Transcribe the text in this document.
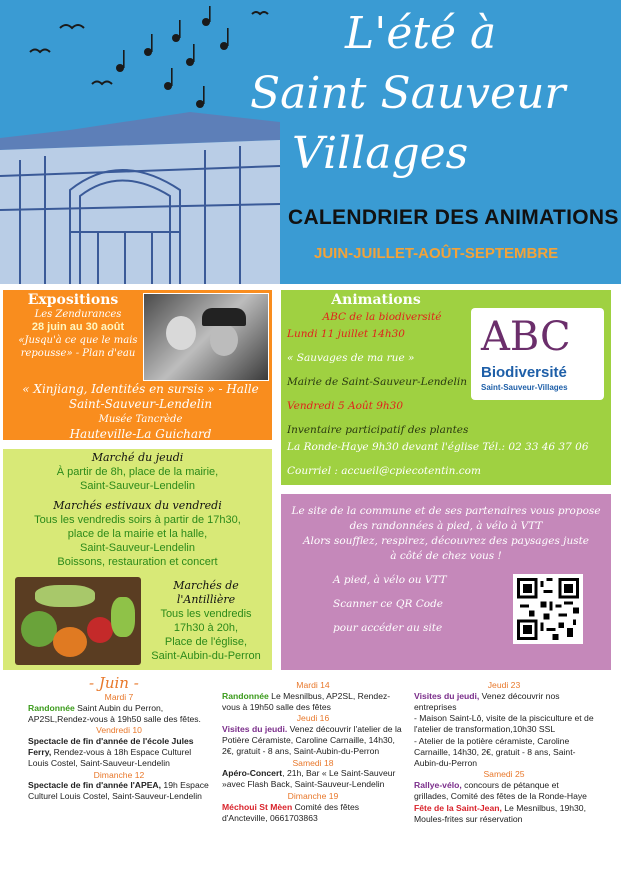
L'été à
Saint Sauveur
Villages
CALENDRIER DES ANIMATIONS
JUIN-JUILLET-AOÛT-SEPTEMBRE
Expositions
Les Zendurances
28 juin au 30 août
«Jusqu'à ce que le mais repousse» - Plan d'eau
« Xinjiang, Identités en sursis » - Halle
Saint-Sauveur-Lendelin
Musée Tancrède
Hauteville-La Guichard
Animations
ABC de la biodiversité
Lundi 11 juillet 14h30
« Sauvages de ma rue »
Mairie de Saint-Sauveur-Lendelin
Vendredi 5 Août 9h30
Inventaire participatif des plantes
ABC
Biodiversité
Saint-Sauveur-Villages
La Ronde-Haye 9h30 devant l'église Tél.: 02 33 46 37 06
Courriel : accueil@cpiecotentin.com
Marché du jeudi
À partir de 8h, place de la mairie,
Saint-Sauveur-Lendelin
Marchés estivaux du vendredi
Tous les vendredis soirs à partir de 17h30,
place de la mairie et la halle,
Saint-Sauveur-Lendelin
Boissons, restauration et concert
Marchés de l'Antillière
Tous les vendredis
17h30 à 20h,
Place de l'église,
Saint-Aubin-du-Perron
Le site de la commune et de ses partenaires vous propose
des randonnées à pied, à vélo à VTT
Alors soufflez, respirez, découvrez des paysages juste
à côté de chez vous !
A pied, à vélo ou VTT
Scanner ce QR Code
pour accéder au site
- Juin -
Mardi 7

Randonnée Saint Aubin du Perron, AP2SL,Rendez-vous à 19h50 salle des fêtes.

Vendredi 10

Spectacle de fin d'année de l'école Jules Ferry, Rendez-vous à 18h Espace Culturel Louis Costel, Saint-Sauveur-Lendelin

Dimanche 12

Spectacle de fin d'année l'APEA, 19h Espace Culturel Louis Costel, Saint-Sauveur-Lendelin

Mardi 14

Randonnée Le Mesnilbus, AP2SL, Rendez-vous à 19h50 salle des fêtes

Jeudi 16

Visites du jeudi. Venez découvrir l'atelier de la Potière Céramiste, Caroline Carnaille, 14h30, 2€, gratuit - 8 ans, Saint-Aubin-du-Perron

Samedi 18

Apéro-Concert, 21h, Bar « Le Saint-Sauveur »avec Flash Back, Saint-Sauveur-Lendelin

Dimanche 19

Méchoui St Mèen Comité des fêtes d'Ancteville, 0661703863

Jeudi 23

Visites du jeudi, Venez découvrir nos entreprises

- Maison Saint-Lô, visite de la pisciculture et de l'atelier de transformation,10h30 SSL

- Atelier de la potière céramiste, Caroline Carnaille, 14h30, 2€, gratuit - 8 ans, Saint-Aubin-du-Perron

Samedi 25

Rallye-vélo, concours de pétanque et grillades, Comité des fêtes de la Ronde-Haye

Fête de la Saint-Jean, Le Mesnilbus, 19h30, Moules-frites sur réservation
